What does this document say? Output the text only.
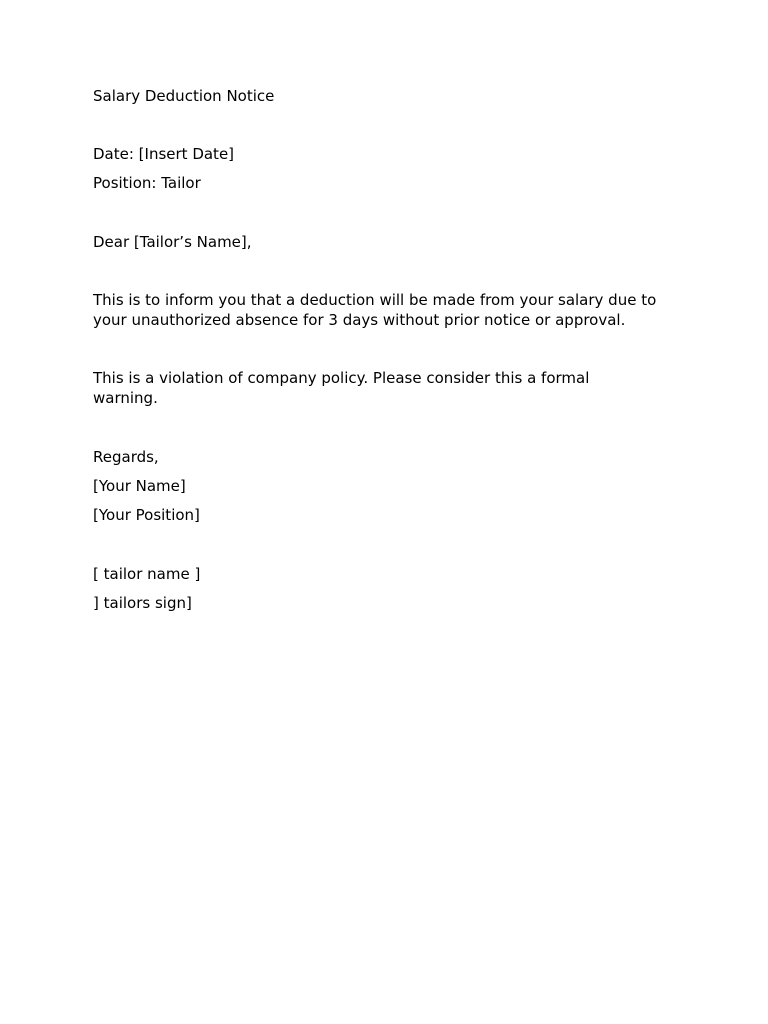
Salary Deduction Notice

Date: [Insert Date]

Position: Tailor

Dear [Tailor’s Name],

This is to inform you that a deduction will be made from your salary due to
your unauthorized absence for 3 days without prior notice or approval.
This is a violation of company policy. Please consider this a formal
warning.

Regards,

[Your Name]

[Your Position]

[ tailor name ]

] tailors sign]
